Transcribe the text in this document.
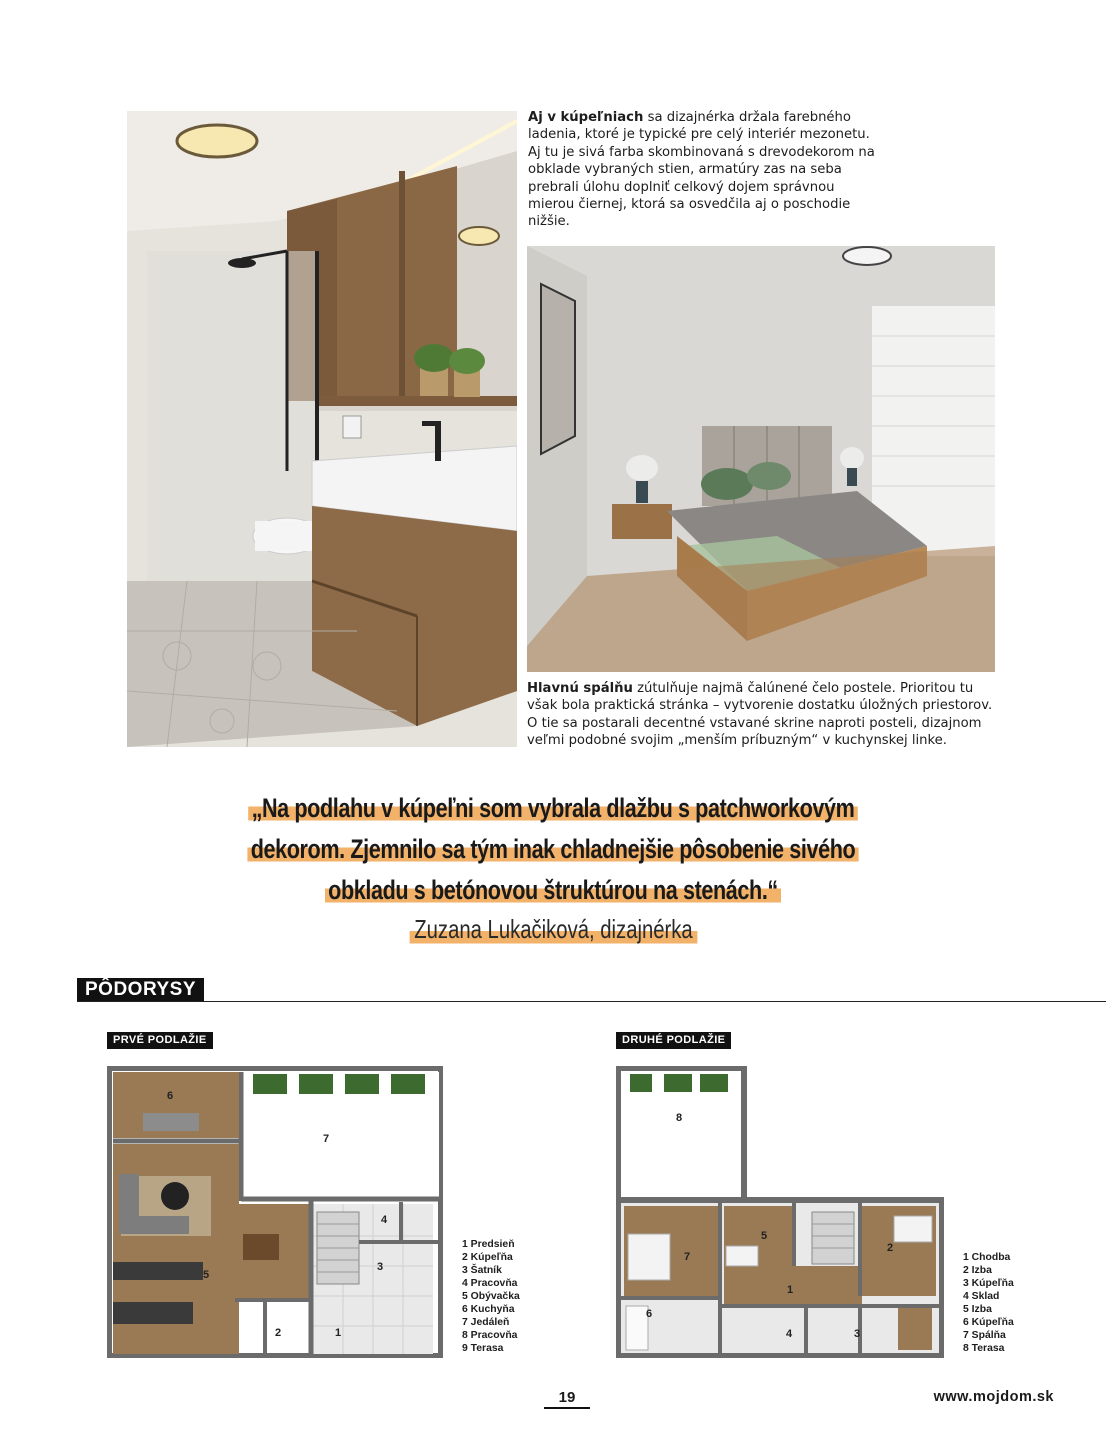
Aj v kúpeľniach sa dizajnérka držala farebného ladenia, ktoré je typické pre celý interiér mezonetu. Aj tu je sivá farba skombinovaná s drevodekorom na obklade vybraných stien, armatúry zas na seba prebrali úlohu doplniť celkový dojem správnou mierou čiernej, ktorá sa osvedčila aj o poschodie nižšie.
Hlavnú spálňu zútulňuje najmä čalúnené čelo postele. Prioritou tu však bola praktická stránka – vytvorenie dostatku úložných priestorov. O tie sa postarali decentné vstavané skrine naproti posteli, dizajnom veľmi podobné svojim „menším príbuzným“ v kuchynskej linke.
„Na podlahu v kúpeľni som vybrala dlažbu s patchworkovým
dekorom. Zjemnilo sa tým inak chladnejšie pôsobenie sivého
obkladu s betónovou štruktúrou na stenách.“
Zuzana Lukačiková, dizajnérka
PÔDORYSY
PRVÉ PODLAŽIE	DRUHÉ PODLAŽIE
1
2
3
4
5
6
7
1 Predsieň
2 Kúpeľňa
3 Šatník
4 Pracovňa
5 Obývačka
6 Kuchyňa
7 Jedáleň
8 Pracovňa
9 Terasa
1
2
3
4
5
6
7
8
1 Chodba
2 Izba
3 Kúpeľňa
4 Sklad
5 Izba
6 Kúpeľňa
7 Spálňa
8 Terasa
19	www.mojdom.sk
